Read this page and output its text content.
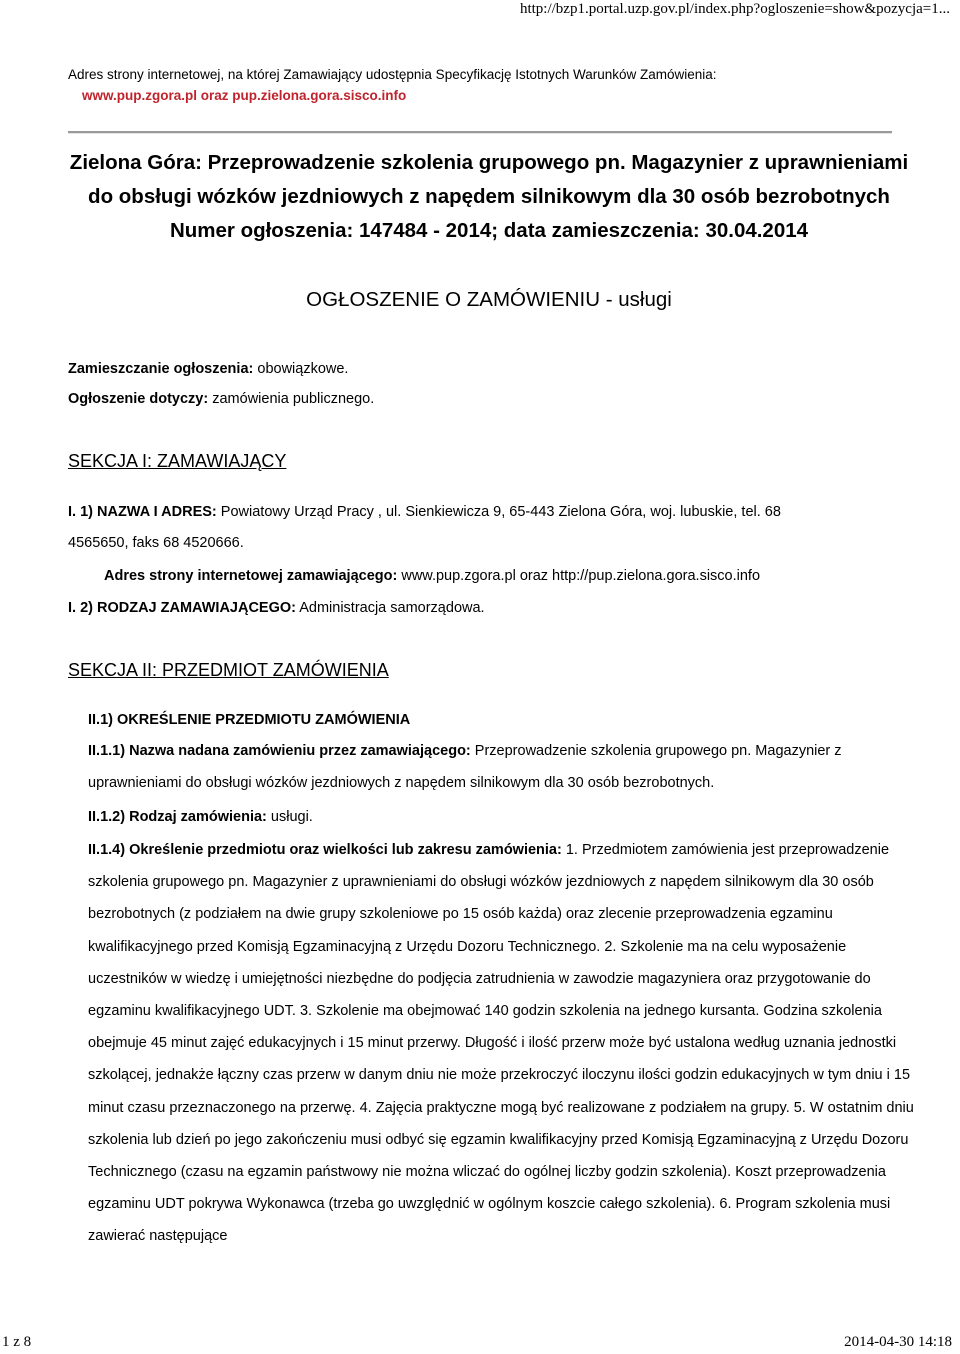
http://bzp1.portal.uzp.gov.pl/index.php?ogloszenie=show&pozycja=1...
Adres strony internetowej, na której Zamawiający udostępnia Specyfikację Istotnych Warunków Zamówienia:
www.pup.zgora.pl oraz pup.zielona.gora.sisco.info
Zielona Góra: Przeprowadzenie szkolenia grupowego pn. Magazynier z uprawnieniami do obsługi wózków jezdniowych z napędem silnikowym dla 30 osób bezrobotnych
Numer ogłoszenia: 147484 - 2014; data zamieszczenia: 30.04.2014
OGŁOSZENIE O ZAMÓWIENIU - usługi
Zamieszczanie ogłoszenia: obowiązkowe.
Ogłoszenie dotyczy: zamówienia publicznego.
SEKCJA I: ZAMAWIAJĄCY
I. 1) NAZWA I ADRES: Powiatowy Urząd Pracy , ul. Sienkiewicza 9, 65-443 Zielona Góra, woj. lubuskie, tel. 68
4565650, faks 68 4520666.
Adres strony internetowej zamawiającego: www.pup.zgora.pl oraz http://pup.zielona.gora.sisco.info
I. 2) RODZAJ ZAMAWIAJĄCEGO: Administracja samorządowa.
SEKCJA II: PRZEDMIOT ZAMÓWIENIA
II.1) OKREŚLENIE PRZEDMIOTU ZAMÓWIENIA
II.1.1) Nazwa nadana zamówieniu przez zamawiającego: Przeprowadzenie szkolenia grupowego pn. Magazynier z uprawnieniami do obsługi wózków jezdniowych z napędem silnikowym dla 30 osób bezrobotnych.
II.1.2) Rodzaj zamówienia: usługi.
II.1.4) Określenie przedmiotu oraz wielkości lub zakresu zamówienia: 1. Przedmiotem zamówienia jest przeprowadzenie szkolenia grupowego pn. Magazynier z uprawnieniami do obsługi wózków jezdniowych z napędem silnikowym dla 30 osób bezrobotnych (z podziałem na dwie grupy szkoleniowe po 15 osób każda) oraz zlecenie przeprowadzenia egzaminu kwalifikacyjnego przed Komisją Egzaminacyjną z Urzędu Dozoru Technicznego. 2. Szkolenie ma na celu wyposażenie uczestników w wiedzę i umiejętności niezbędne do podjęcia zatrudnienia w zawodzie magazyniera oraz przygotowanie do egzaminu kwalifikacyjnego UDT. 3. Szkolenie ma obejmować 140 godzin szkolenia na jednego kursanta. Godzina szkolenia obejmuje 45 minut zajęć edukacyjnych i 15 minut przerwy. Długość i ilość przerw może być ustalona według uznania jednostki szkolącej, jednakże łączny czas przerw w danym dniu nie może przekroczyć iloczynu ilości godzin edukacyjnych w tym dniu i 15 minut czasu przeznaczonego na przerwę. 4. Zajęcia praktyczne mogą być realizowane z podziałem na grupy. 5. W ostatnim dniu szkolenia lub dzień po jego zakończeniu musi odbyć się egzamin kwalifikacyjny przed Komisją Egzaminacyjną z Urzędu Dozoru Technicznego (czasu na egzamin państwowy nie można wliczać do ogólnej liczby godzin szkolenia). Koszt przeprowadzenia egzaminu UDT pokrywa Wykonawca (trzeba go uwzględnić w ogólnym koszcie całego szkolenia). 6. Program szkolenia musi zawierać następujące
1 z 8	2014-04-30 14:18
